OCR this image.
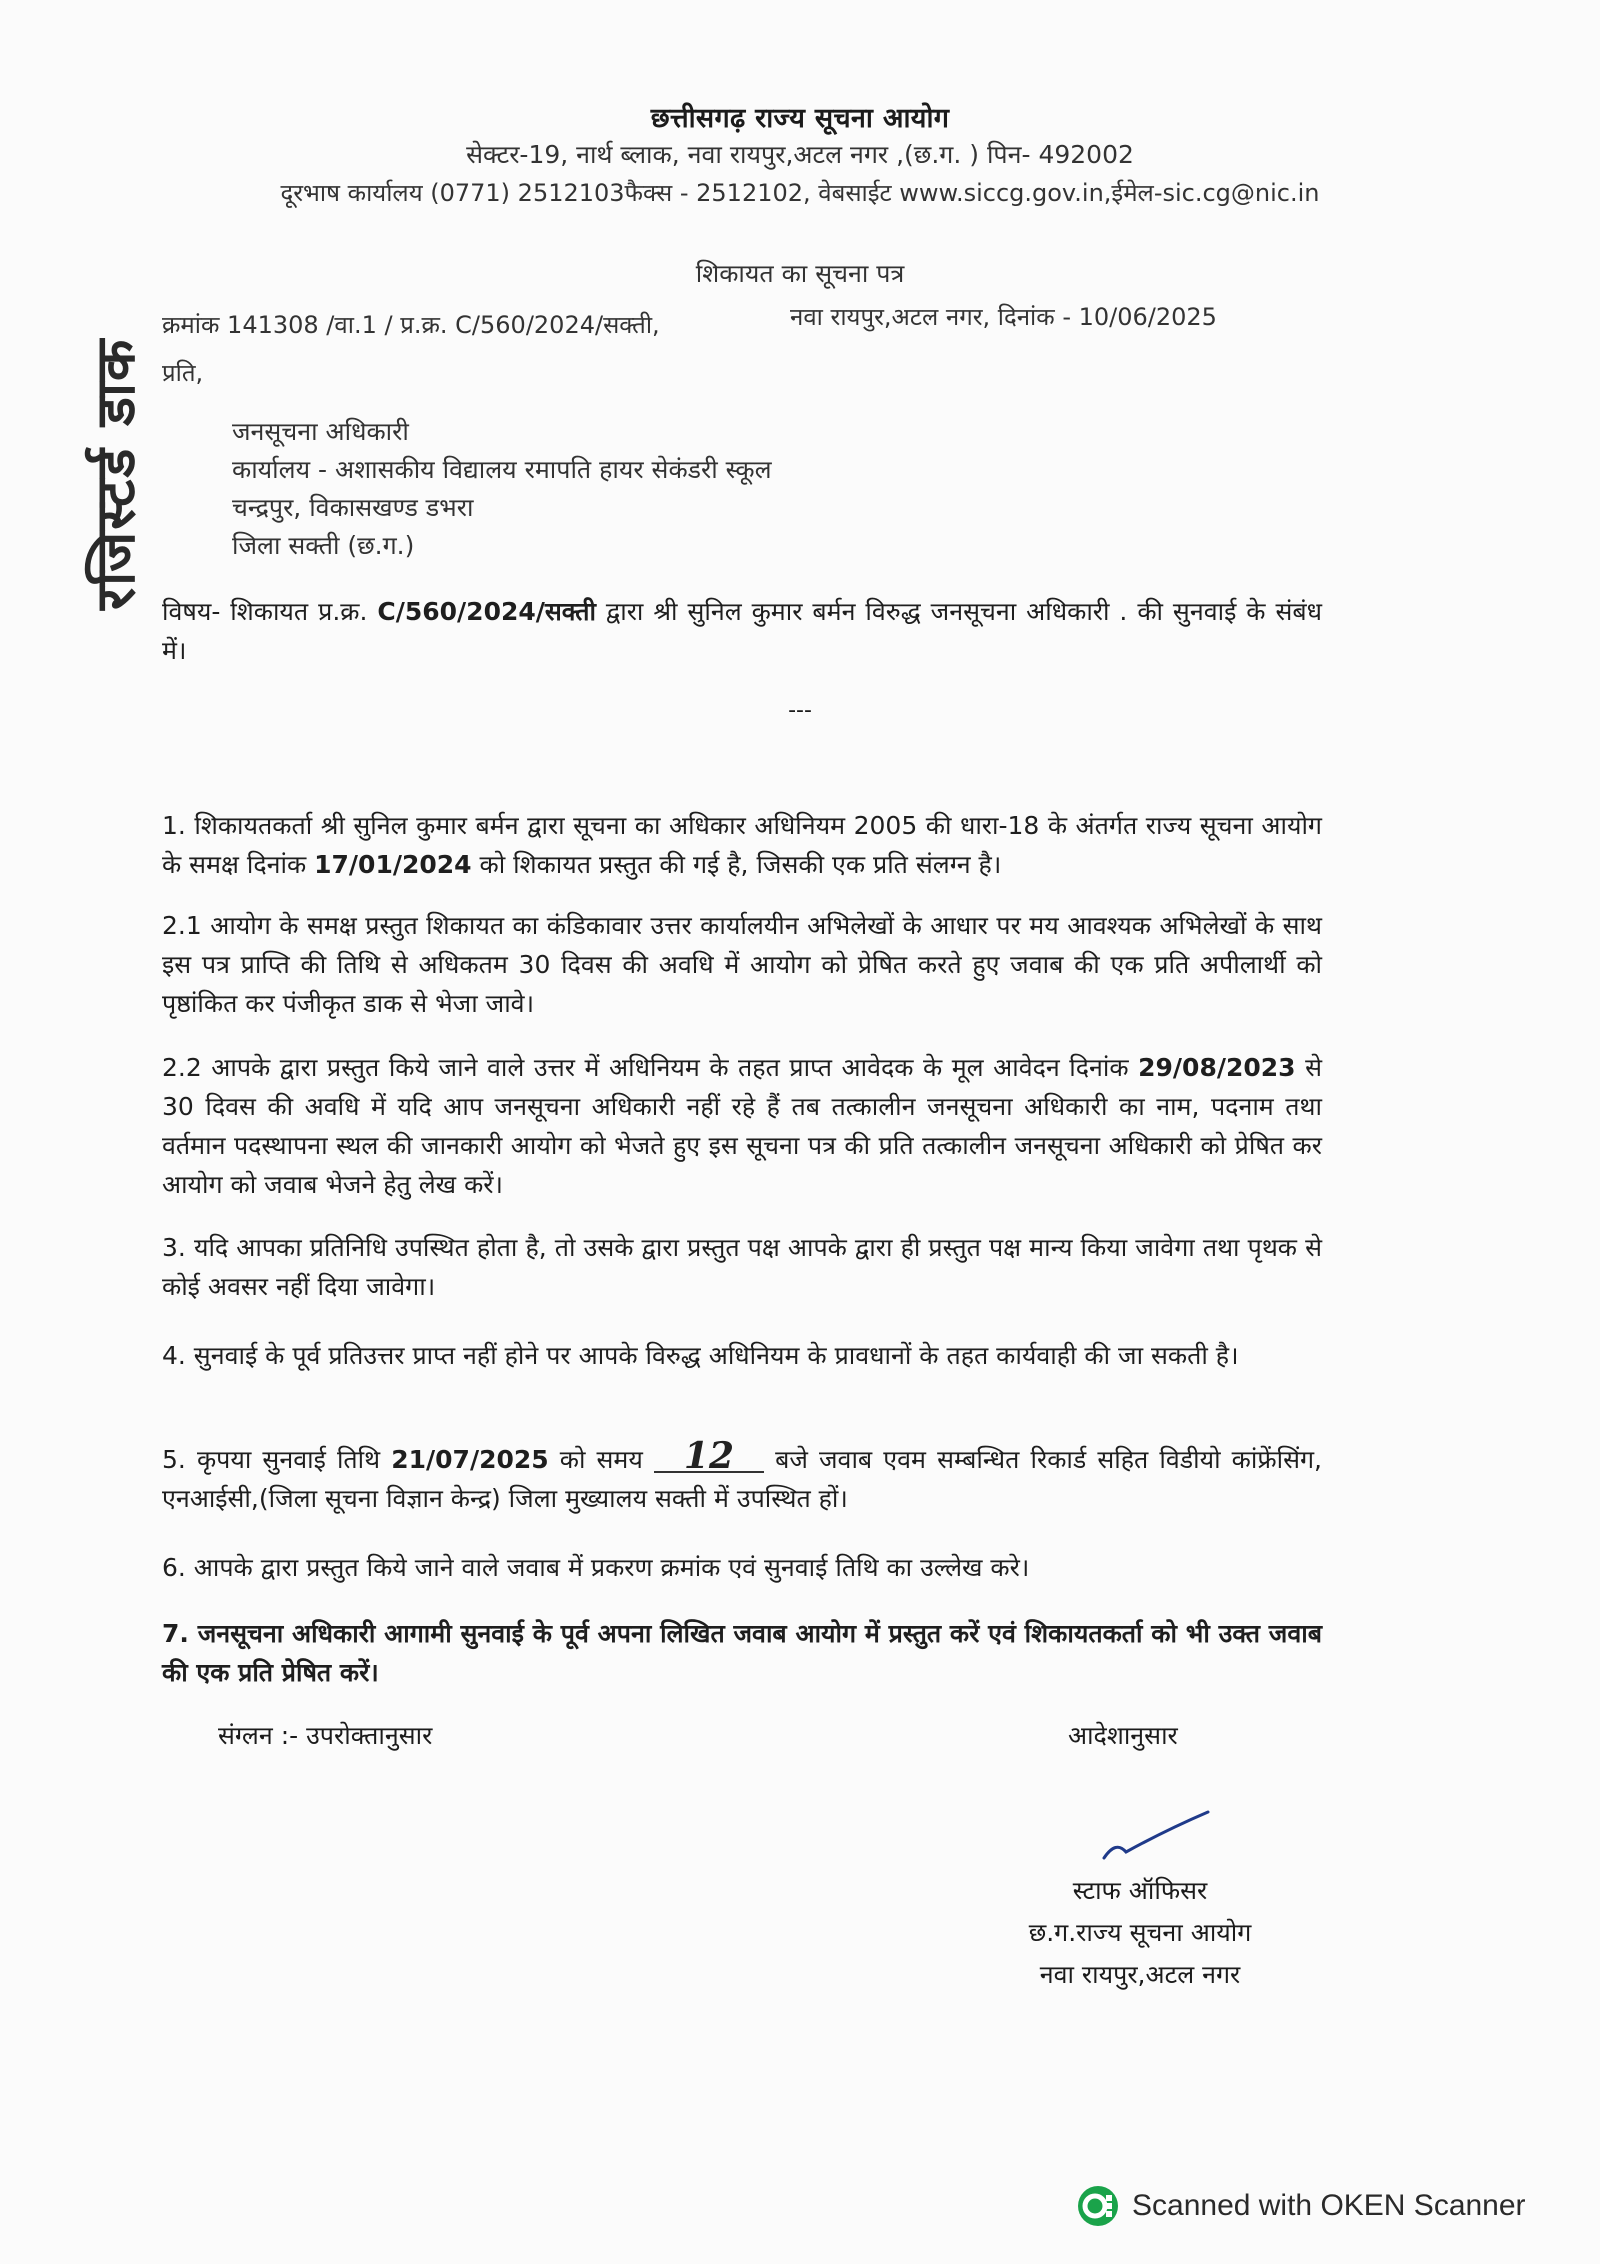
छत्तीसगढ़ राज्य सूचना आयोग
सेक्टर-19, नार्थ ब्लाक, नवा रायपुर,अटल नगर ,(छ.ग. ) पिन- 492002
दूरभाष कार्यालय (0771) 2512103फैक्स - 2512102, वेबसाईट www.siccg.gov.in,ईमेल-sic.cg@nic.in
शिकायत का सूचना पत्र
क्रमांक 141308 /वा.1 / प्र.क्र. C/560/2024/सक्ती,	नवा रायपुर,अटल नगर, दिनांक - 10/06/2025
रजिस्टर्ड डाक प्रति,
जनसूचना अधिकारी
कार्यालय - अशासकीय विद्यालय रमापति हायर सेकंडरी स्कूल
चन्द्रपुर, विकासखण्ड डभरा
जिला सक्ती (छ.ग.)
विषय- शिकायत प्र.क्र. C/560/2024/सक्ती द्वारा श्री सुनिल कुमार बर्मन विरुद्ध जनसूचना अधिकारी . की सुनवाई के संबंध में।
---
1. शिकायतकर्ता श्री सुनिल कुमार बर्मन द्वारा सूचना का अधिकार अधिनियम 2005 की धारा-18 के अंतर्गत राज्य सूचना आयोग के समक्ष दिनांक 17/01/2024 को शिकायत प्रस्तुत की गई है, जिसकी एक प्रति संलग्न है।
2.1 आयोग के समक्ष प्रस्तुत शिकायत का कंडिकावार उत्तर कार्यालयीन अभिलेखों के आधार पर मय आवश्यक अभिलेखों के साथ इस पत्र प्राप्ति की तिथि से अधिकतम 30 दिवस की अवधि में आयोग को प्रेषित करते हुए जवाब की एक प्रति अपीलार्थी को पृष्ठांकित कर पंजीकृत डाक से भेजा जावे।
2.2 आपके द्वारा प्रस्तुत किये जाने वाले उत्तर में अधिनियम के तहत प्राप्त आवेदक के मूल आवेदन दिनांक 29/08/2023 से 30 दिवस की अवधि में यदि आप जनसूचना अधिकारी नहीं रहे हैं तब तत्कालीन जनसूचना अधिकारी का नाम, पदनाम तथा वर्तमान पदस्थापना स्थल की जानकारी आयोग को भेजते हुए इस सूचना पत्र की प्रति तत्कालीन जनसूचना अधिकारी को प्रेषित कर आयोग को जवाब भेजने हेतु लेख करें।
3. यदि आपका प्रतिनिधि उपस्थित होता है, तो उसके द्वारा प्रस्तुत पक्ष आपके द्वारा ही प्रस्तुत पक्ष मान्य किया जावेगा तथा पृथक से कोई अवसर नहीं दिया जावेगा।
4. सुनवाई के पूर्व प्रतिउत्तर प्राप्त नहीं होने पर आपके विरुद्ध अधिनियम के प्रावधानों के तहत कार्यवाही की जा सकती है।
5. कृपया सुनवाई तिथि 21/07/2025 को समय 12 बजे जवाब एवम सम्बन्धित रिकार्ड सहित विडीयो कांफ्रेंसिंग, एनआईसी,(जिला सूचना विज्ञान केन्द्र) जिला मुख्यालय सक्ती में उपस्थित हों।
6. आपके द्वारा प्रस्तुत किये जाने वाले जवाब में प्रकरण क्रमांक एवं सुनवाई तिथि का उल्लेख करे।
7. जनसूचना अधिकारी आगामी सुनवाई के पूर्व अपना लिखित जवाब आयोग में प्रस्तुत करें एवं शिकायतकर्ता को भी उक्त जवाब की एक प्रति प्रेषित करें।
संग्लन :- उपरोक्तानुसार	आदेशानुसार
स्टाफ ऑफिसर
छ.ग.राज्य सूचना आयोग
नवा रायपुर,अटल नगर
Scanned with OKEN Scanner
